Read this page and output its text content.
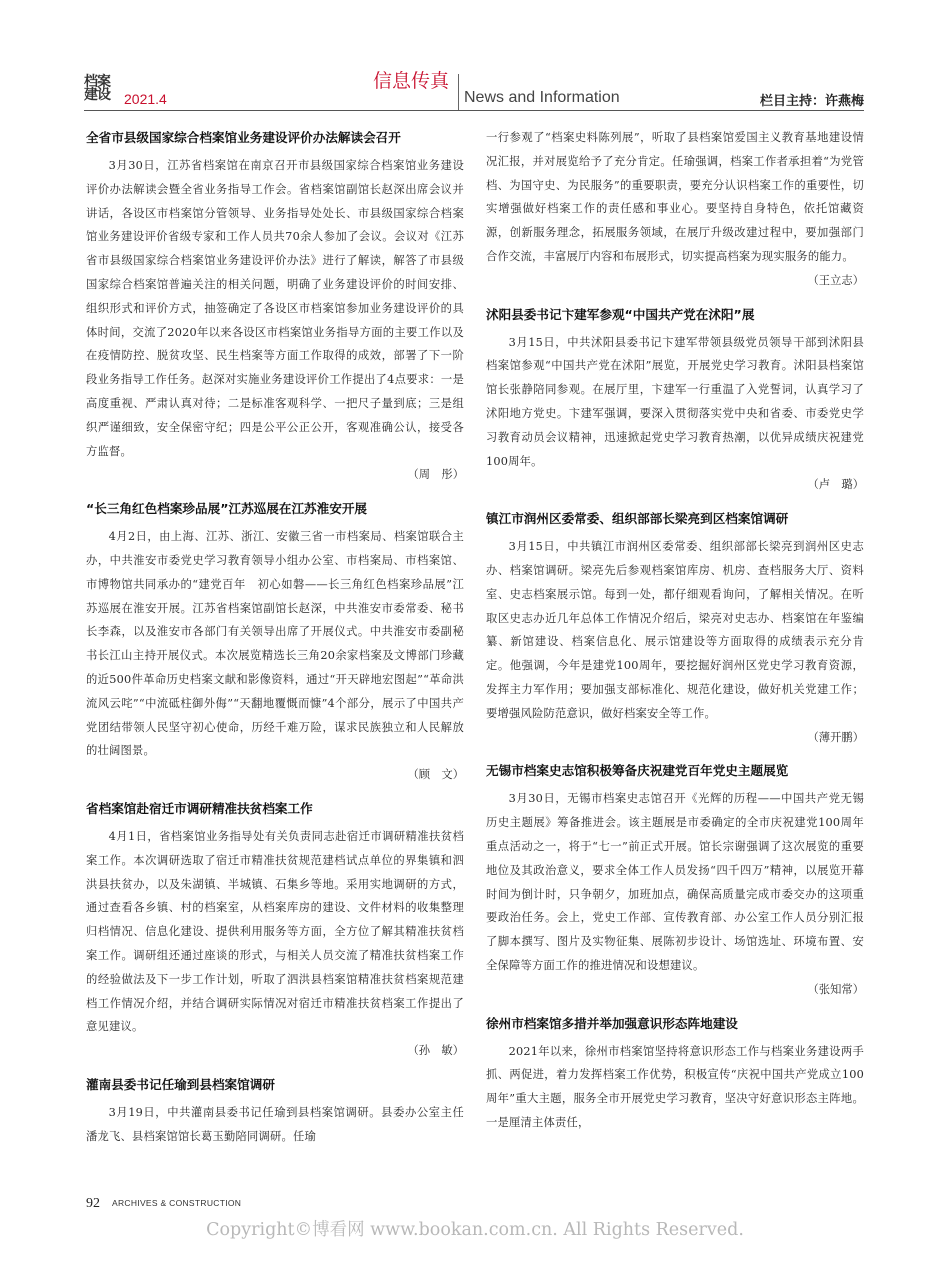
档案建设	2021.4
信息传真
News and Information	栏目主持：许燕梅
全省市县级国家综合档案馆业务建设评价办法解读会召开

3月30日，江苏省档案馆在南京召开市县级国家综合档案馆业务建设评价办法解读会暨全省业务指导工作会。省档案馆副馆长赵深出席会议并讲话，各设区市档案馆分管领导、业务指导处处长、市县级国家综合档案馆业务建设评价省级专家和工作人员共70余人参加了会议。会议对《江苏省市县级国家综合档案馆业务建设评价办法》进行了解读，解答了市县级国家综合档案馆普遍关注的相关问题，明确了业务建设评价的时间安排、组织形式和评价方式，抽签确定了各设区市档案馆参加业务建设评价的具体时间，交流了2020年以来各设区市档案馆业务指导方面的主要工作以及在疫情防控、脱贫攻坚、民生档案等方面工作取得的成效，部署了下一阶段业务指导工作任务。赵深对实施业务建设评价工作提出了4点要求：一是高度重视、严肃认真对待；二是标准客观科学、一把尺子量到底；三是组织严谨细致，安全保密守纪；四是公平公正公开，客观准确公认，接受各方监督。

（周　彤）

“长三角红色档案珍品展”江苏巡展在江苏淮安开展

4月2日，由上海、江苏、浙江、安徽三省一市档案局、档案馆联合主办，中共淮安市委党史学习教育领导小组办公室、市档案局、市档案馆、市博物馆共同承办的“建党百年　初心如磐——长三角红色档案珍品展”江苏巡展在淮安开展。江苏省档案馆副馆长赵深，中共淮安市委常委、秘书长李森，以及淮安市各部门有关领导出席了开展仪式。中共淮安市委副秘书长江山主持开展仪式。本次展览精选长三角20余家档案及文博部门珍藏的近500件革命历史档案文献和影像资料，通过“开天辟地宏图起”“革命洪流风云咤”“中流砥柱御外侮”“天翻地覆慨而慷”4个部分，展示了中国共产党团结带领人民坚守初心使命，历经千难万险，谋求民族独立和人民解放的壮阔图景。

（顾　文）

省档案馆赴宿迁市调研精准扶贫档案工作

4月1日，省档案馆业务指导处有关负责同志赴宿迁市调研精准扶贫档案工作。本次调研选取了宿迁市精准扶贫规范建档试点单位的界集镇和泗洪县扶贫办，以及朱湖镇、半城镇、石集乡等地。采用实地调研的方式，通过查看各乡镇、村的档案室，从档案库房的建设、文件材料的收集整理归档情况、信息化建设、提供利用服务等方面，全方位了解其精准扶贫档案工作。调研组还通过座谈的形式，与相关人员交流了精准扶贫档案工作的经验做法及下一步工作计划，听取了泗洪县档案馆精准扶贫档案规范建档工作情况介绍，并结合调研实际情况对宿迁市精准扶贫档案工作提出了意见建议。

（孙　敏）

灌南县委书记任瑜到县档案馆调研

3月19日，中共灌南县委书记任瑜到县档案馆调研。县委办公室主任潘龙飞、县档案馆馆长葛玉勤陪同调研。任瑜

一行参观了“档案史料陈列展”，听取了县档案馆爱国主义教育基地建设情况汇报，并对展览给予了充分肯定。任瑜强调，档案工作者承担着“为党管档、为国守史、为民服务”的重要职责，要充分认识档案工作的重要性，切实增强做好档案工作的责任感和事业心。要坚持自身特色，依托馆藏资源，创新服务理念，拓展服务领域，在展厅升级改建过程中，要加强部门合作交流，丰富展厅内容和布展形式，切实提高档案为现实服务的能力。

（王立志）

沭阳县委书记卞建军参观“中国共产党在沭阳”展

3月15日，中共沭阳县委书记卞建军带领县级党员领导干部到沭阳县档案馆参观“中国共产党在沭阳”展览，开展党史学习教育。沭阳县档案馆馆长张静陪同参观。在展厅里，卞建军一行重温了入党誓词，认真学习了沭阳地方党史。卞建军强调，要深入贯彻落实党中央和省委、市委党史学习教育动员会议精神，迅速掀起党史学习教育热潮，以优异成绩庆祝建党100周年。

（卢　璐）

镇江市润州区委常委、组织部部长梁亮到区档案馆调研

3月15日，中共镇江市润州区委常委、组织部部长梁亮到润州区史志办、档案馆调研。梁亮先后参观档案馆库房、机房、查档服务大厅、资料室、史志档案展示馆。每到一处，都仔细观看询问，了解相关情况。在听取区史志办近几年总体工作情况介绍后，梁亮对史志办、档案馆在年鉴编纂、新馆建设、档案信息化、展示馆建设等方面取得的成绩表示充分肯定。他强调，今年是建党100周年，要挖掘好润州区党史学习教育资源，发挥主力军作用；要加强支部标准化、规范化建设，做好机关党建工作；要增强风险防范意识，做好档案安全等工作。

（薄开鹏）

无锡市档案史志馆积极筹备庆祝建党百年党史主题展览

3月30日，无锡市档案史志馆召开《光辉的历程——中国共产党无锡历史主题展》筹备推进会。该主题展是市委确定的全市庆祝建党100周年重点活动之一，将于“七一”前正式开展。馆长宗谢强调了这次展览的重要地位及其政治意义，要求全体工作人员发扬“四千四万”精神，以展览开幕时间为倒计时，只争朝夕，加班加点，确保高质量完成市委交办的这项重要政治任务。会上，党史工作部、宣传教育部、办公室工作人员分别汇报了脚本撰写、图片及实物征集、展陈初步设计、场馆选址、环境布置、安全保障等方面工作的推进情况和设想建议。

（张知常）

徐州市档案馆多措并举加强意识形态阵地建设

2021年以来，徐州市档案馆坚持将意识形态工作与档案业务建设两手抓、两促进，着力发挥档案工作优势，积极宣传“庆祝中国共产党成立100周年”重大主题，服务全市开展党史学习教育，坚决守好意识形态主阵地。一是厘清主体责任，

92 ARCHIVES & CONSTRUCTION
Copyright©博看网 www.bookan.com.cn. All Rights Reserved.
